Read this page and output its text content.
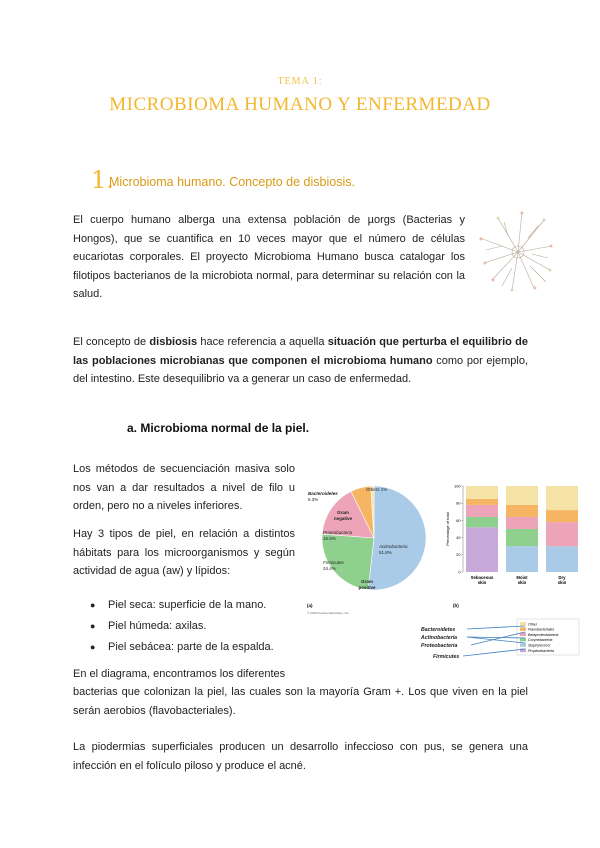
TEMA 1:
MICROBIOMA HUMANO Y ENFERMEDAD
1.
Microbioma humano. Concepto de disbiosis.
El cuerpo humano alberga una extensa población de µorgs (Bacterias y Hongos), que se cuantifica en 10 veces mayor que el número de células eucariotas corporales. El proyecto Microbioma Humano busca catalogar los filotipos bacterianos de la microbiota normal, para determinar su relación con la salud.
El concepto de disbiosis hace referencia a aquella situación que perturba el equilibrio de las poblaciones microbianas que componen el microbioma humano como por ejemplo, del intestino. Este desequilibrio va a generar un caso de enfermedad.
a. Microbioma normal de la piel.
Los métodos de secuenciación masiva solo nos van a dar resultados a nivel de filo u orden, pero no a niveles inferiores.
Hay 3 tipos de piel, en relación a distintos hábitats para los microorganismos y según actividad de agua (aw) y lípidos:
● Piel seca: superficie de la mano.
● Piel húmeda: axilas.
● Piel sebácea: parte de la espalda.
En el diagrama, encontramos los diferentes
bacterias que colonizan la piel, las cuales son la mayoría Gram +. Los que viven en la piel serán aerobios (flavobacteriales).
La piodermias superficiales producen un desarrollo infeccioso con pus, se genera una infección en el folículo piloso y produce el acné.
Others 1%
Bacteroidetes
6.3%
Gram
negative
Proteobacteria
16.5%
Actinobacteria
51.8%
Firmicutes
24.4%
Gram
positive
(a)
© 2016 Pearson Education, Inc.
Sebaceous
skin
Moist
skin
Dry
skin
0
20
40
60
80
100
Percentage of total
(b)
Other
Flavobacteriales
Betaproteobacteria
Corynebacteria
Staphylococci
Propionibacteria
Bacteroidetes
Actinobacteria
Proteobacteria
Firmicutes
